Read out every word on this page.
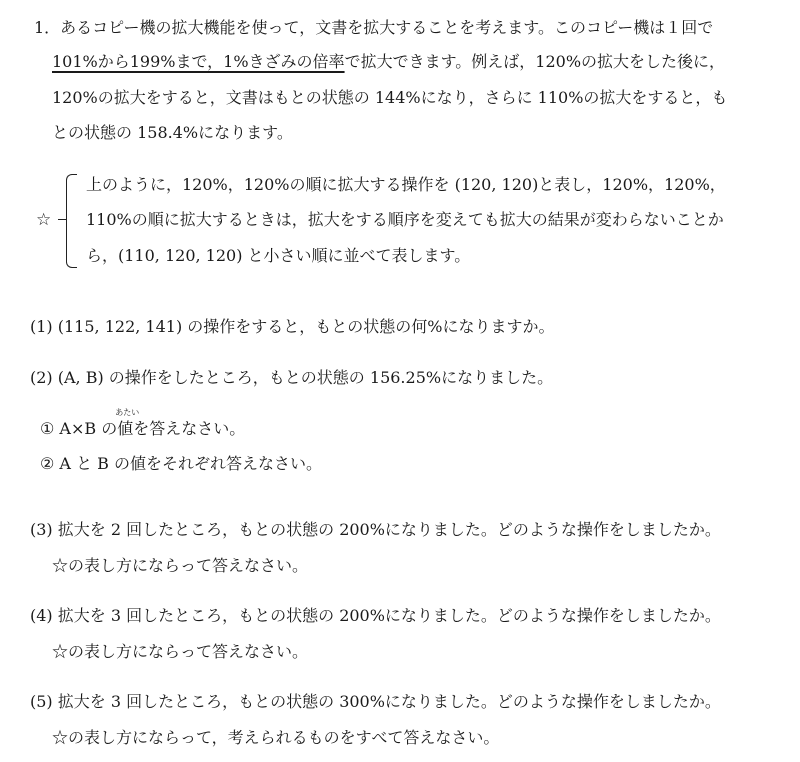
1．あるコピー機の拡大機能を使って，文書を拡大することを考えます。このコピー機は１回で
101%から199%まで，1%きざみの倍率で拡大できます。例えば，120%の拡大をした後に，
120%の拡大をすると，文書はもとの状態の 144%になり，さらに 110%の拡大をすると，も
との状態の 158.4%になります。
☆
上のように，120%，120%の順に拡大する操作を (120, 120)と表し，120%，120%，
110%の順に拡大するときは，拡大をする順序を変えても拡大の結果が変わらないことか
ら，(110, 120, 120) と小さい順に並べて表します。
(1) (115, 122, 141) の操作をすると，もとの状態の何%になりますか。
(2) (A, B) の操作をしたところ，もとの状態の 156.25%になりました。
① A×B の
あたい
値を答えなさい。
② A と B の値をそれぞれ答えなさい。
(3) 拡大を 2 回したところ，もとの状態の 200%になりました。どのような操作をしましたか。
☆の表し方にならって答えなさい。
(4) 拡大を 3 回したところ，もとの状態の 200%になりました。どのような操作をしましたか。
☆の表し方にならって答えなさい。
(5) 拡大を 3 回したところ，もとの状態の 300%になりました。どのような操作をしましたか。
☆の表し方にならって，考えられるものをすべて答えなさい。
